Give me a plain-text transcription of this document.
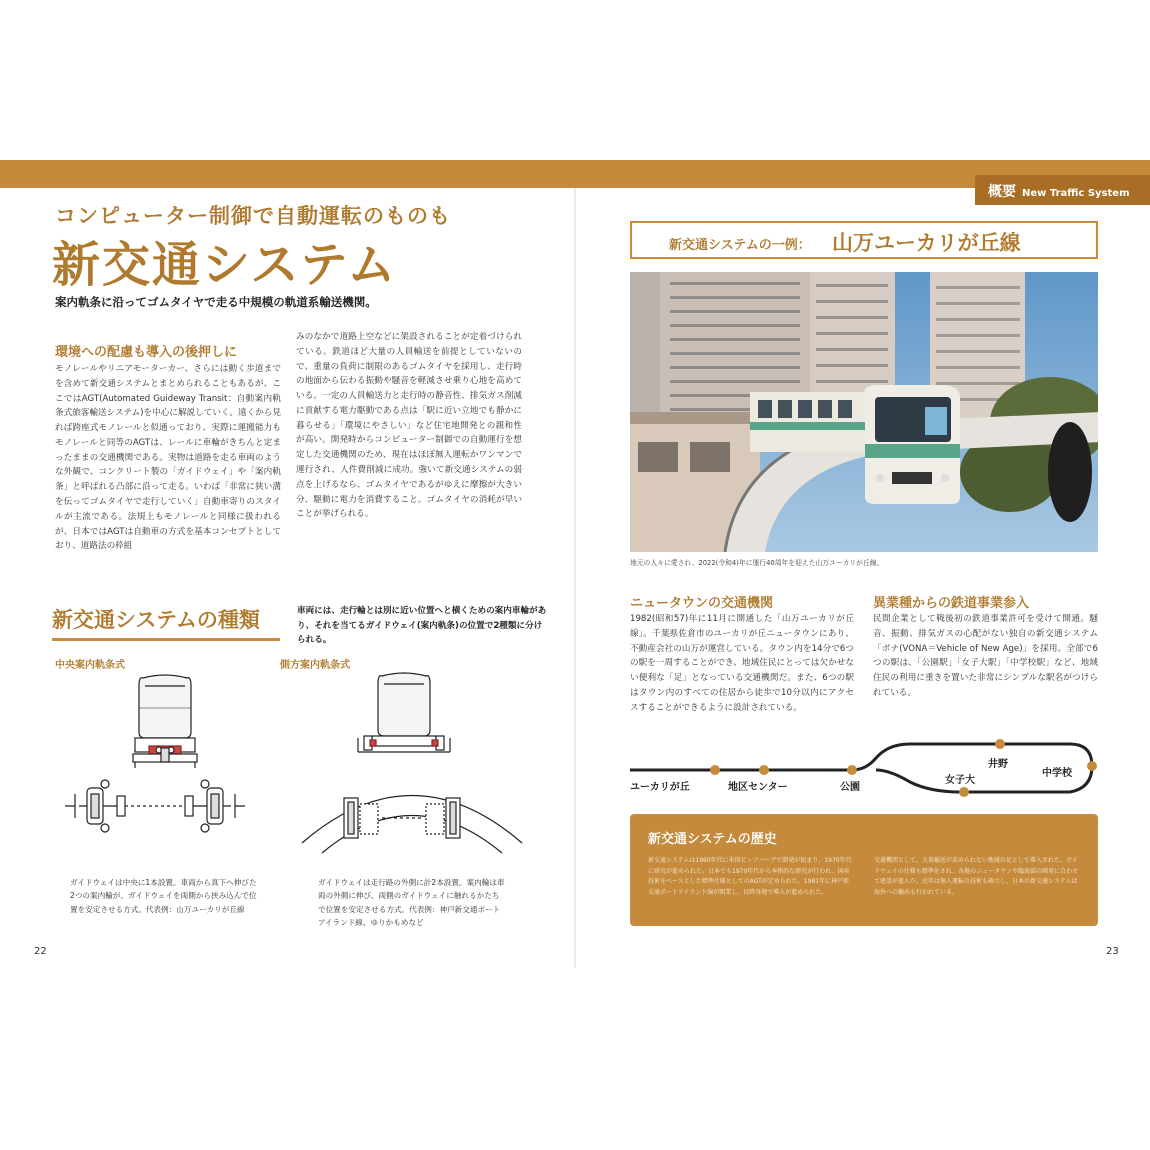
概要 New Traffic System
コンピューター制御で自動運転のものも
新交通システム
案内軌条に沿ってゴムタイヤで走る中規模の軌道系輸送機関。
環境への配慮も導入の後押しに
モノレールやリニアモーターカー、さらには動く歩道までを含めて新交通システムとまとめられることもあるが、ここではAGT(Automated Guideway Transit：自動案内軌条式旅客輸送システム)を中心に解説していく。遠くから見れば跨座式モノレールと似通っており、実際に運搬能力もモノレールと同等のAGTは、レールに車輪がきちんと定まったままの交通機関である。実物は道路を走る車両のような外観で、コンクリート製の「ガイドウェイ」や「案内軌条」と呼ばれる凸部に沿って走る。いわば「非常に狭い溝を伝ってゴムタイヤで走行していく」自動車寄りのスタイルが主流である。法規上もモノレールと同様に扱われるが、日本ではAGTは自動車の方式を基本コンセプトとしており、道路法の枠組
みのなかで道路上空などに架設されることが定着づけられている。鉄道ほど大量の人員輸送を前提としていないので、重量の負荷に制限のあるゴムタイヤを採用し、走行時の地面から伝わる振動や騒音を軽減させ乗り心地を高めている。一定の人員輸送力と走行時の静音性、排気ガス削減に貢献する電力駆動である点は「駅に近い立地でも静かに暮らせる」「環境にやさしい」など住宅地開発との親和性が高い。開発時からコンピューター制御での自動運行を想定した交通機関のため、現在はほぼ無人運転かワンマンで運行され、人件費削減に成功。強いて新交通システムの弱点を上げるなら、ゴムタイヤであるがゆえに摩擦が大きい分、駆動に電力を消費すること。ゴムタイヤの消耗が早いことが挙げられる。
新交通システムの種類	車両には、走行輪とは別に近い位置へと横くための案内車輪があり、それを当てるガイドウェイ(案内軌条)の位置で2種類に分けられる。
中央案内軌条式	側方案内軌条式
ガイドウェイは中央に1本設置。車両から真下へ伸びた2つの案内輪が、ガイドウェイを両側から挟み込んで位置を安定させる方式。代表例：山万ユーカリが丘線
ガイドウェイは走行路の外側に計2本設置。案内輪は車両の外側に伸び、両側のガイドウェイに触れるかたちで位置を安定させる方式。代表例：神戸新交通ポートアイランド線、ゆりかもめなど
22
新交通システムの一例： 山万ユーカリが丘線
地元の人々に愛され、2022(令和4)年に運行40周年を迎えた山万ユーカリが丘線。
ニュータウンの交通機関
1982(昭和57)年に11月に開通した「山万ユーカリが丘線」。千葉県佐倉市のユーカリが丘ニュータウンにあり、不動産会社の山万が運営している。タウン内を14分で6つの駅を一周することができ、地域住民にとっては欠かせない便利な「足」となっている交通機関だ。また、6つの駅はタウン内のすべての住居から徒歩で10分以内にアクセスすることができるように設計されている。
異業種からの鉄道事業参入
民間企業として戦後初の鉄道事業許可を受けて開通。騒音、振動、排気ガスの心配がない独自の新交通システム「ボナ(VONA＝Vehicle of New Age)」を採用。全部で6つの駅は、「公園駅」「女子大駅」「中学校駅」など、地域住民の利用に重きを置いた非常にシンプルな駅名がつけられている。
ユーカリが丘	地区センター	公園
女子大
井野
中学校
新交通システムの歴史
新交通システムは1960年代に米国ピッツバーグで開発が始まり、1970年代に研究が進められた。日本でも1970年代から本格的な研究が行われ、国産技術をベースとした標準仕様としてのAGTが定められた。1981年に神戸新交通ポートアイランド線が開業し、以降各地で導入が進められた。
交通機関として、大量輸送が求められない地域の足として導入された。ガイドウェイの仕様も標準化され、各地のニュータウンや臨海部の開発に合わせて建設が進んだ。近年は無人運転の技術も確立し、日本の新交通システムは海外への輸出も行われている。
23
